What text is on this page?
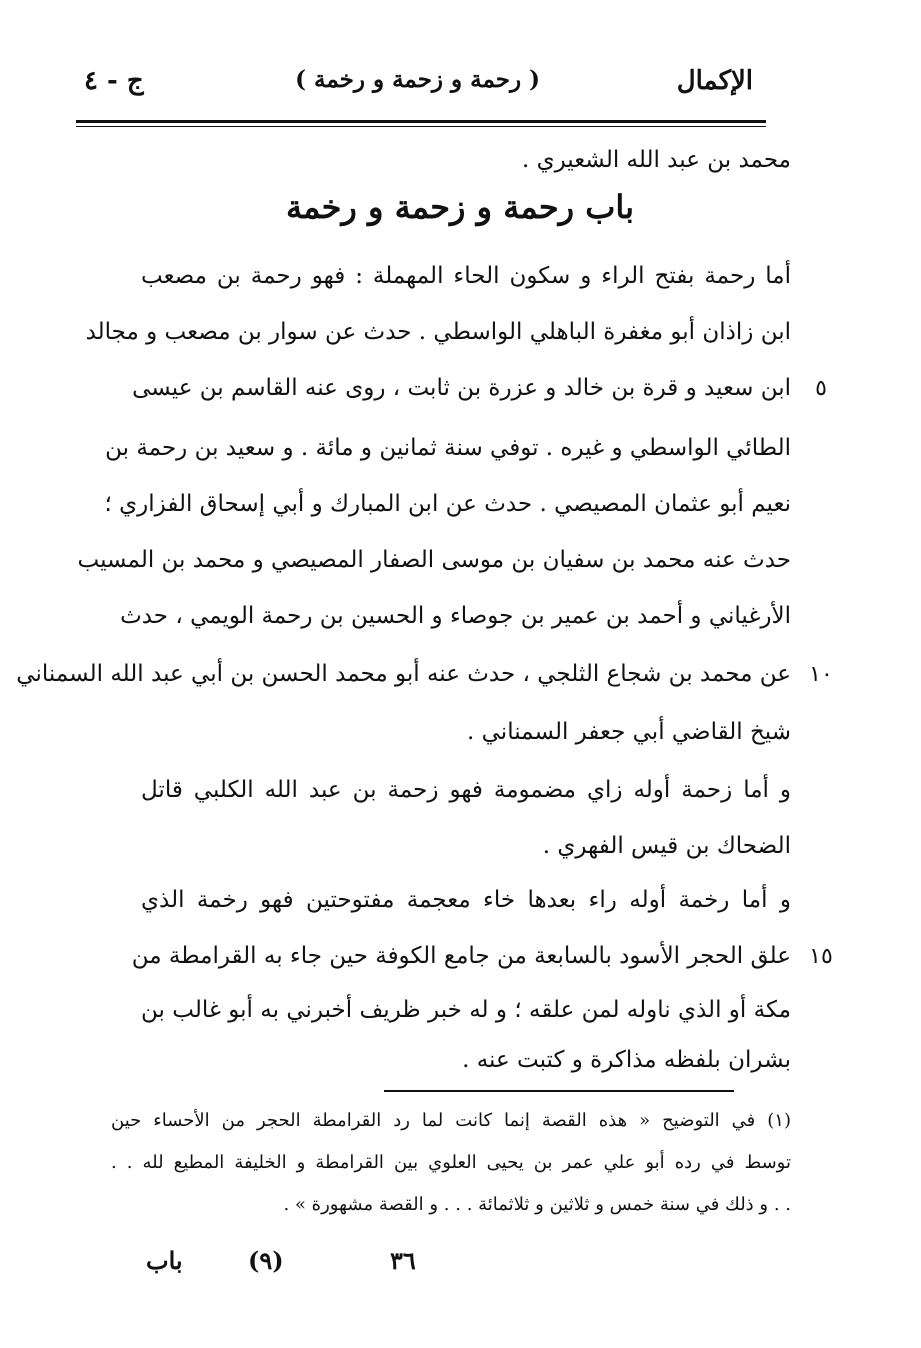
الإكمال
( رحمة و زحمة و رخمة )
ج - ٤
محمد بن عبد الله الشعيري .
باب رحمة و زحمة و رخمة
أما رحمة بفتح الراء و سكون الحاء المهملة : فهو رحمة بن مصعب
ابن زاذان أبو مغفرة الباهلي الواسطي . حدث عن سوار بن مصعب و مجالد
ابن سعيد و قرة بن خالد و عزرة بن ثابت ، روى عنه القاسم بن عيسى	٥
الطائي الواسطي و غيره . توفي سنة ثمانين و مائة . و سعيد بن رحمة بن
نعيم أبو عثمان المصيصي . حدث عن ابن المبارك و أبي إسحاق الفزاري ؛
حدث عنه محمد بن سفيان بن موسى الصفار المصيصي و محمد بن المسيب
الأرغياني و أحمد بن عمير بن جوصاء و الحسين بن رحمة الويمي ، حدث
عن محمد بن شجاع الثلجي ، حدث عنه أبو محمد الحسن بن أبي عبد الله السمناني ١٠
شيخ القاضي أبي جعفر السمناني .
و أما زحمة أوله زاي مضمومة فهو زحمة بن عبد الله الكلبي قاتل
الضحاك بن قيس الفهري .
و أما رخمة أوله راء بعدها خاء معجمة مفتوحتين فهو رخمة الذي
علق الحجر الأسود بالسابعة من جامع الكوفة حين جاء به القرامطة من ١٥
مكة أو الذي ناوله لمن علقه ؛ و له خبر ظريف أخبرني به أبو غالب بن
بشران بلفظه مذاكرة و كتبت عنه .
(١) في التوضيح « هذه القصة إنما كانت لما رد القرامطة الحجر من الأحساء حين
توسط في رده أبو علي عمر بن يحيى العلوي بين القرامطة و الخليفة المطيع لله . .
. . و ذلك في سنة خمس و ثلاثين و ثلاثمائة . . . و القصة مشهورة » .
باب	(٩)	٣٦
